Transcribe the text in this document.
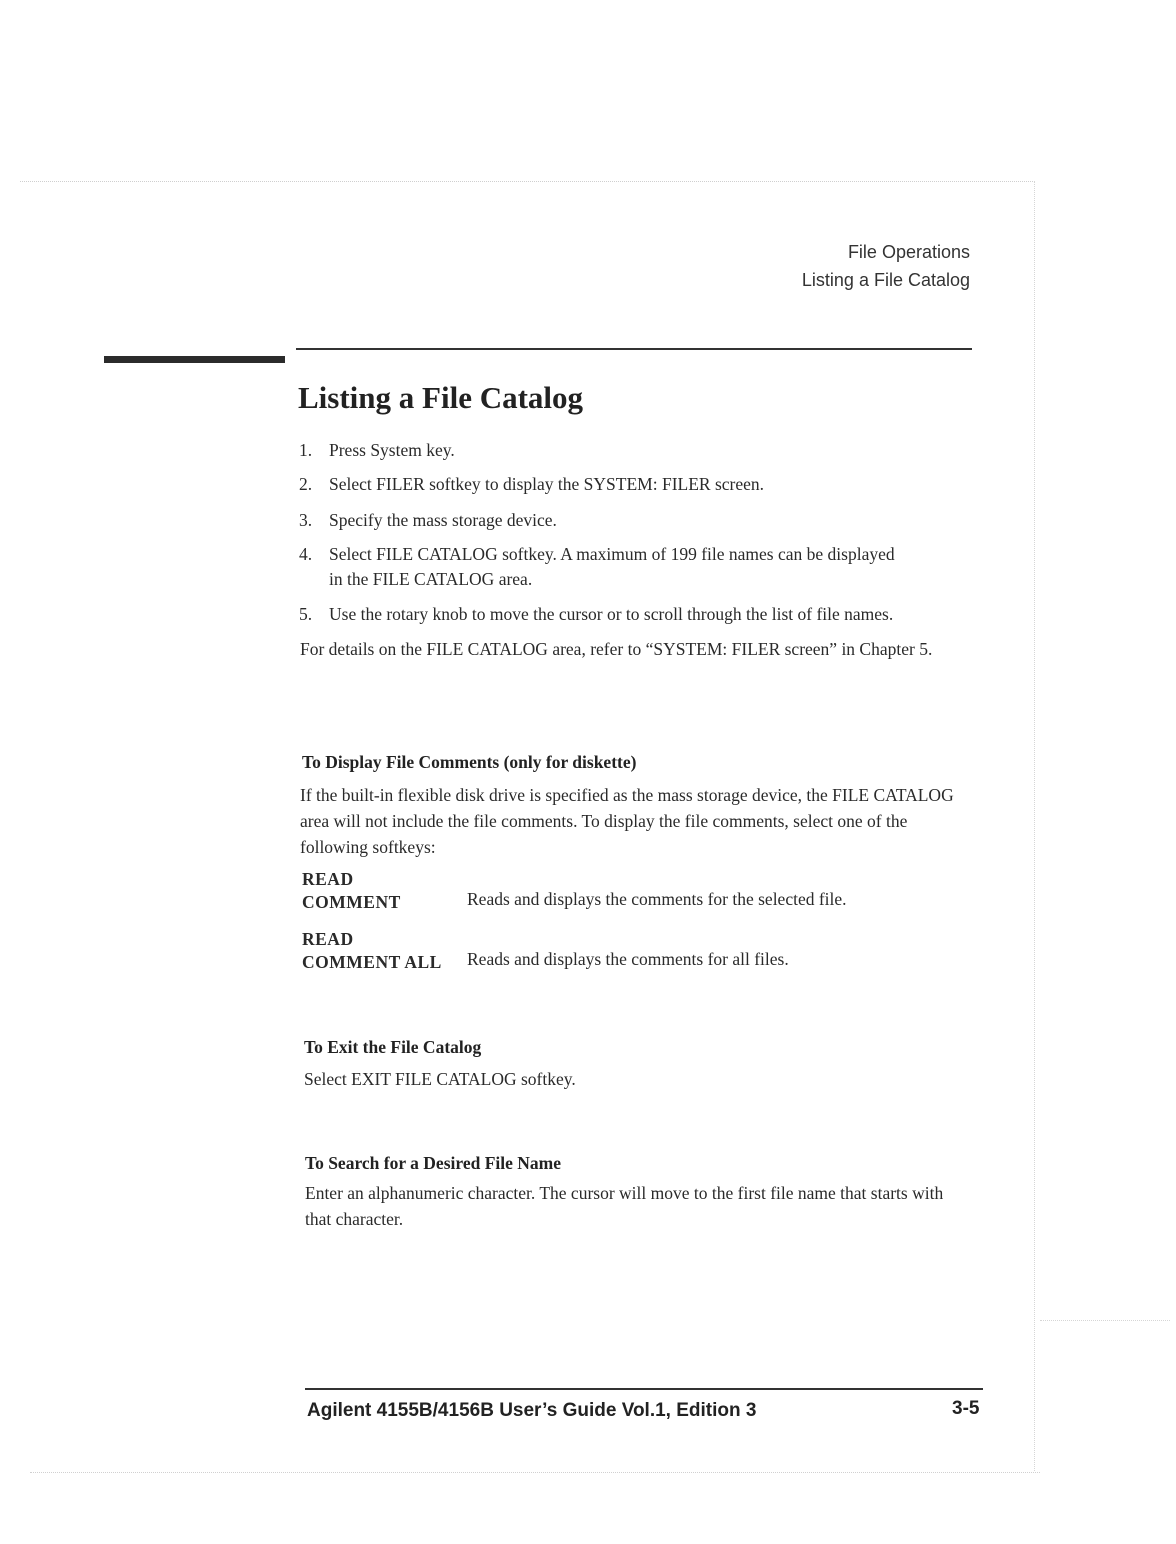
File Operations
Listing a File Catalog
Listing a File Catalog
1. Press System key.
2. Select FILER softkey to display the SYSTEM: FILER screen.
3. Specify the mass storage device.
4. Select FILE CATALOG softkey. A maximum of 199 file names can be displayed in the FILE CATALOG area.
5. Use the rotary knob to move the cursor or to scroll through the list of file names.

For details on the FILE CATALOG area, refer to “SYSTEM: FILER screen” in Chapter 5.

To Display File Comments (only for diskette)

If the built-in flexible disk drive is specified as the mass storage device, the FILE CATALOG area will not include the file comments. To display the file comments, select one of the following softkeys:

READ
COMMENT	Reads and displays the comments for the selected file.
READ
COMMENT ALL Reads and displays the comments for all files.
To Exit the File Catalog

Select EXIT FILE CATALOG softkey.

To Search for a Desired File Name

Enter an alphanumeric character. The cursor will move to the first file name that starts with that character.

Agilent 4155B/4156B User’s Guide Vol.1, Edition 3	3-5
